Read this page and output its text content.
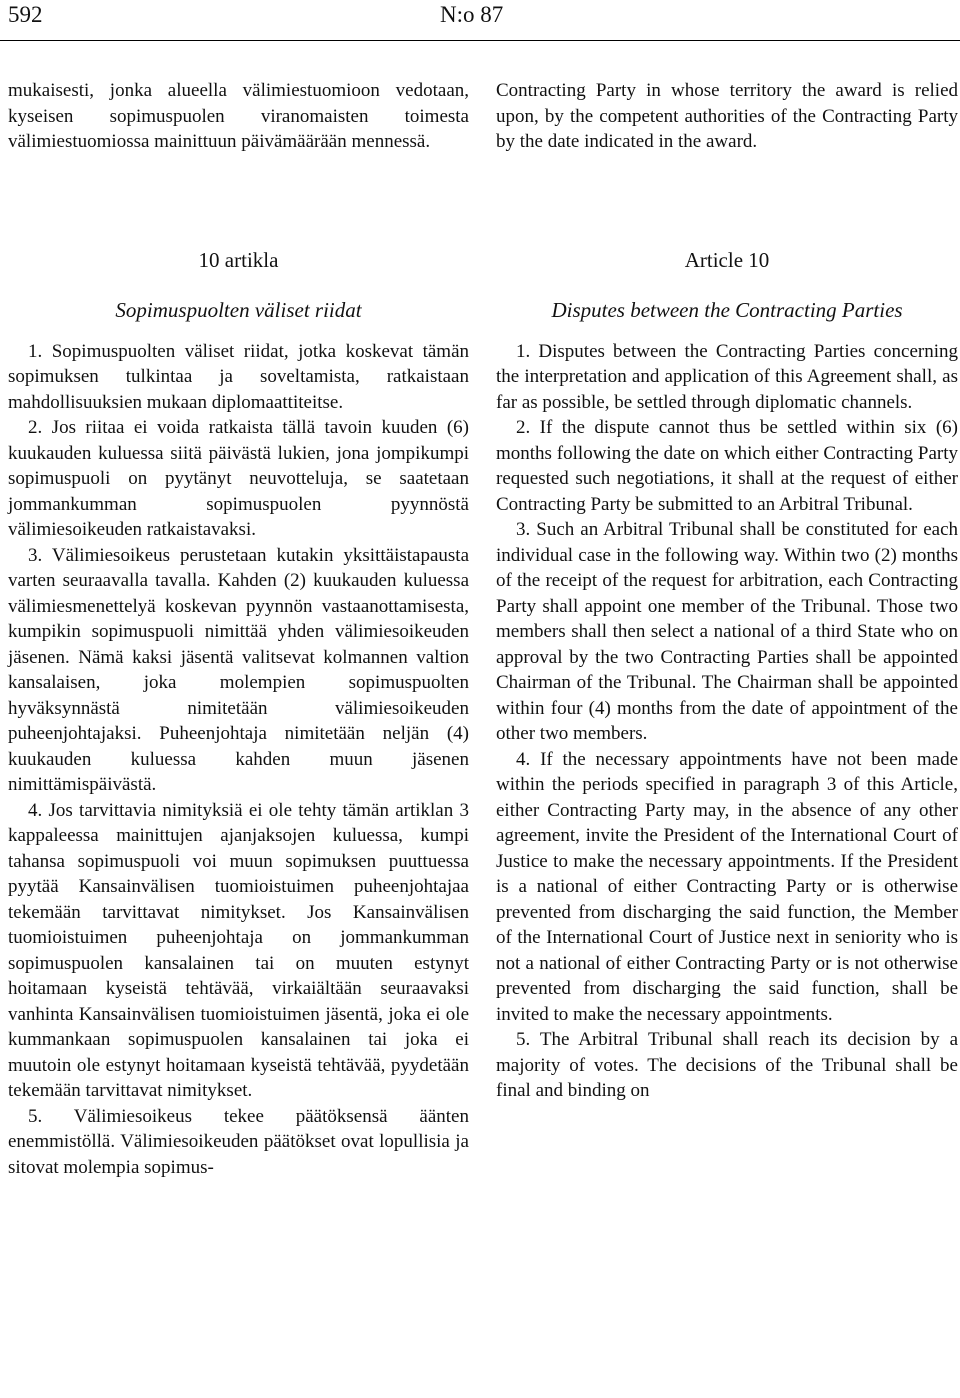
592	N:o 87

mukaisesti, jonka alueella välimiestuomioon vedotaan, kyseisen sopimuspuolen viranomaisten toimesta välimiestuomiossa mainittuun päivämäärään mennessä.

10 artikla

Sopimuspuolten väliset riidat

1. Sopimuspuolten väliset riidat, jotka koskevat tämän sopimuksen tulkintaa ja soveltamista, ratkaistaan mahdollisuuksien mukaan diplomaattiteitse.

2. Jos riitaa ei voida ratkaista tällä tavoin kuuden (6) kuukauden kuluessa siitä päivästä lukien, jona jompikumpi sopimuspuoli on pyytänyt neuvotteluja, se saatetaan jommankumman sopimuspuolen pyynnöstä välimiesoikeuden ratkaistavaksi.

3. Välimiesoikeus perustetaan kutakin yksittäistapausta varten seuraavalla tavalla. Kahden (2) kuukauden kuluessa välimiesmenettelyä koskevan pyynnön vastaanottamisesta, kumpikin sopimuspuoli nimittää yhden välimiesoikeuden jäsenen. Nämä kaksi jäsentä valitsevat kolmannen valtion kansalaisen, joka molempien sopimuspuolten hyväksynnästä nimitetään välimiesoikeuden puheenjohtajaksi. Puheenjohtaja nimitetään neljän (4) kuukauden kuluessa kahden muun jäsenen nimittämispäivästä.

4. Jos tarvittavia nimityksiä ei ole tehty tämän artiklan 3 kappaleessa mainittujen ajanjaksojen kuluessa, kumpi tahansa sopimuspuoli voi muun sopimuksen puuttuessa pyytää Kansainvälisen tuomioistuimen puheenjohtajaa tekemään tarvittavat nimitykset. Jos Kansainvälisen tuomioistuimen puheenjohtaja on jommankumman sopimuspuolen kansalainen tai on muuten estynyt hoitamaan kyseistä tehtävää, virkaiältään seuraavaksi vanhinta Kansainvälisen tuomioistuimen jäsentä, joka ei ole kummankaan sopimuspuolen kansalainen tai joka ei muutoin ole estynyt hoitamaan kyseistä tehtävää, pyydetään tekemään tarvittavat nimitykset.

5. Välimiesoikeus tekee päätöksensä äänten enemmistöllä. Välimiesoikeuden päätökset ovat lopullisia ja sitovat molempia sopimus-

Contracting Party in whose territory the award is relied upon, by the competent authorities of the Contracting Party by the date indicated in the award.

Article 10

Disputes between the Contracting Parties

1. Disputes between the Contracting Parties concerning the interpretation and application of this Agreement shall, as far as possible, be settled through diplomatic channels.

2. If the dispute cannot thus be settled within six (6) months following the date on which either Contracting Party requested such negotiations, it shall at the request of either Contracting Party be submitted to an Arbitral Tribunal.

3. Such an Arbitral Tribunal shall be constituted for each individual case in the following way. Within two (2) months of the receipt of the request for arbitration, each Contracting Party shall appoint one member of the Tribunal. Those two members shall then select a national of a third State who on approval by the two Contracting Parties shall be appointed Chairman of the Tribunal. The Chairman shall be appointed within four (4) months from the date of appointment of the other two members.

4. If the necessary appointments have not been made within the periods specified in paragraph 3 of this Article, either Contracting Party may, in the absence of any other agreement, invite the President of the International Court of Justice to make the necessary appointments. If the President is a national of either Contracting Party or is otherwise prevented from discharging the said function, the Member of the International Court of Justice next in seniority who is not a national of either Contracting Party or is not otherwise prevented from discharging the said function, shall be invited to make the necessary appointments.

5. The Arbitral Tribunal shall reach its decision by a majority of votes. The decisions of the Tribunal shall be final and binding on
